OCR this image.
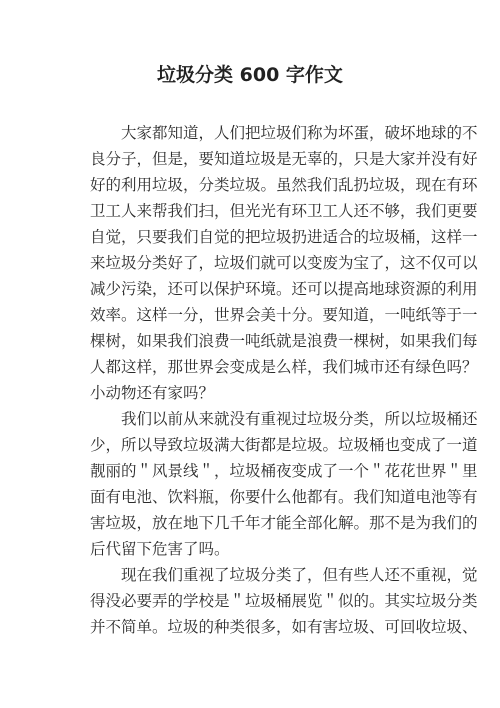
垃圾分类 600 字作文
　　大家都知道，人们把垃圾们称为坏蛋，破坏地球的不
良分子，但是，要知道垃圾是无辜的，只是大家并没有好
好的利用垃圾，分类垃圾。虽然我们乱扔垃圾，现在有环
卫工人来帮我们扫，但光光有环卫工人还不够，我们更要
自觉，只要我们自觉的把垃圾扔进适合的垃圾桶，这样一
来垃圾分类好了，垃圾们就可以变废为宝了，这不仅可以
减少污染，还可以保护环境。还可以提高地球资源的利用
效率。这样一分，世界会美十分。要知道，一吨纸等于一
棵树，如果我们浪费一吨纸就是浪费一棵树，如果我们每
人都这样，那世界会变成是么样，我们城市还有绿色吗？
小动物还有家吗？
　　我们以前从来就没有重视过垃圾分类，所以垃圾桶还
少，所以导致垃圾满大街都是垃圾。垃圾桶也变成了一道
靓丽的＂风景线＂，垃圾桶夜变成了一个＂花花世界＂里
面有电池、饮料瓶，你要什么他都有。我们知道电池等有
害垃圾，放在地下几千年才能全部化解。那不是为我们的
后代留下危害了吗。
　　现在我们重视了垃圾分类了，但有些人还不重视，觉
得没必要弄的学校是＂垃圾桶展览＂似的。其实垃圾分类
并不简单。垃圾的种类很多，如有害垃圾、可回收垃圾、
